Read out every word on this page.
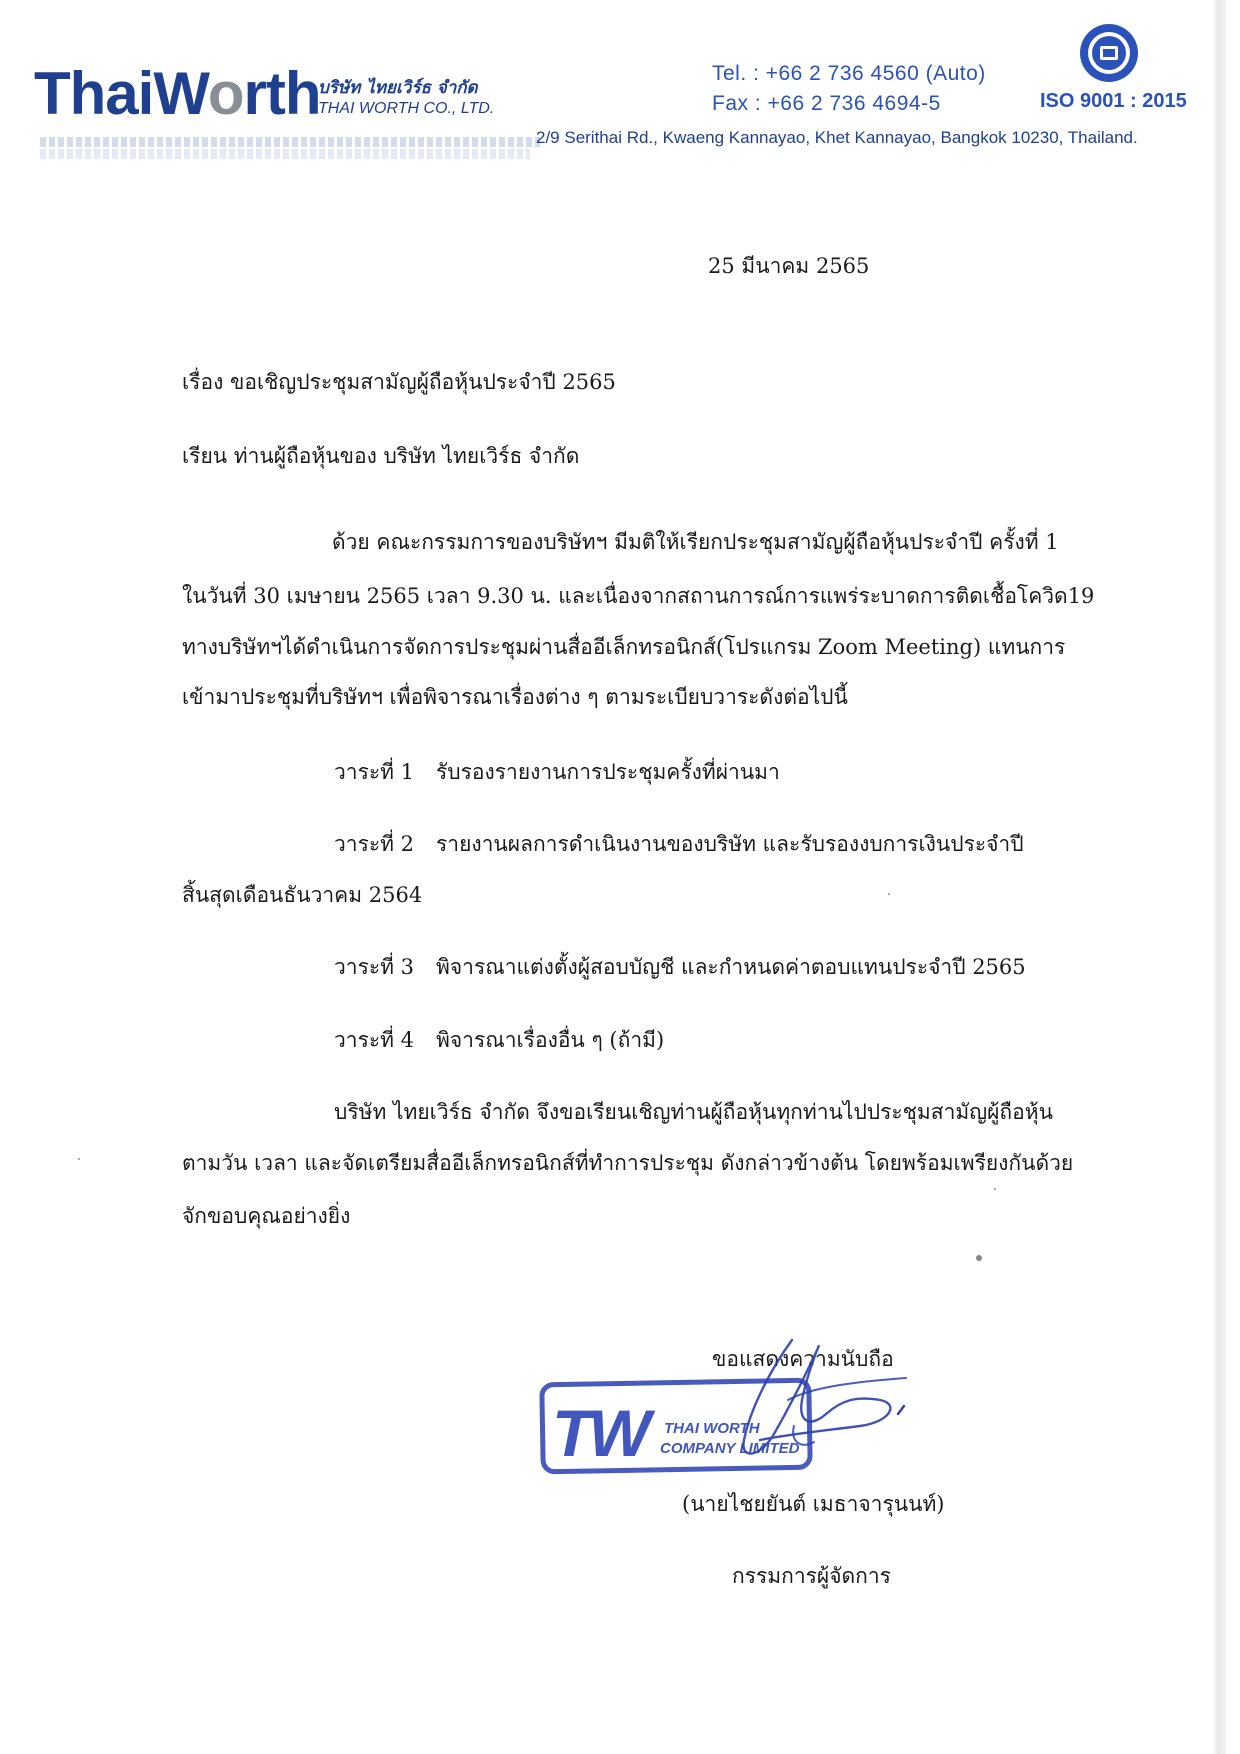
ThaiWorth
บริษัท ไทยเวิร์ธ จำกัด
THAI WORTH CO., LTD.
Tel. : +66 2 736 4560 (Auto)
Fax : +66 2 736 4694-5	ISO 9001 : 2015
2/9 Serithai Rd., Kwaeng Kannayao, Khet Kannayao, Bangkok 10230, Thailand.
25 มีนาคม 2565
เรื่อง ขอเชิญประชุมสามัญผู้ถือหุ้นประจำปี 2565
เรียน ท่านผู้ถือหุ้นของ บริษัท ไทยเวิร์ธ จำกัด
ด้วย คณะกรรมการของบริษัทฯ มีมติให้เรียกประชุมสามัญผู้ถือหุ้นประจำปี ครั้งที่ 1
ในวันที่ 30 เมษายน 2565 เวลา 9.30 น. และเนื่องจากสถานการณ์การแพร่ระบาดการติดเชื้อโควิด19
ทางบริษัทฯได้ดำเนินการจัดการประชุมผ่านสื่ออีเล็กทรอนิกส์(โปรแกรม Zoom Meeting) แทนการ
เข้ามาประชุมที่บริษัทฯ เพื่อพิจารณาเรื่องต่าง ๆ ตามระเบียบวาระดังต่อไปนี้
วาระที่ 1 รับรองรายงานการประชุมครั้งที่ผ่านมา
วาระที่ 2 รายงานผลการดำเนินงานของบริษัท และรับรองงบการเงินประจำปี
สิ้นสุดเดือนธันวาคม 2564
วาระที่ 3 พิจารณาแต่งตั้งผู้สอบบัญชี และกำหนดค่าตอบแทนประจำปี 2565
วาระที่ 4 พิจารณาเรื่องอื่น ๆ (ถ้ามี)
บริษัท ไทยเวิร์ธ จำกัด จึงขอเรียนเชิญท่านผู้ถือหุ้นทุกท่านไปประชุมสามัญผู้ถือหุ้น
ตามวัน เวลา และจัดเตรียมสื่ออีเล็กทรอนิกส์ที่ทำการประชุม ดังกล่าวข้างต้น โดยพร้อมเพรียงกันด้วย
จักขอบคุณอย่างยิ่ง
ขอแสดงความนับถือ
TW THAI WORTH
COMPANY LIMITED
(นายไชยยันต์ เมธาจารุนนท์)
กรรมการผู้จัดการ
